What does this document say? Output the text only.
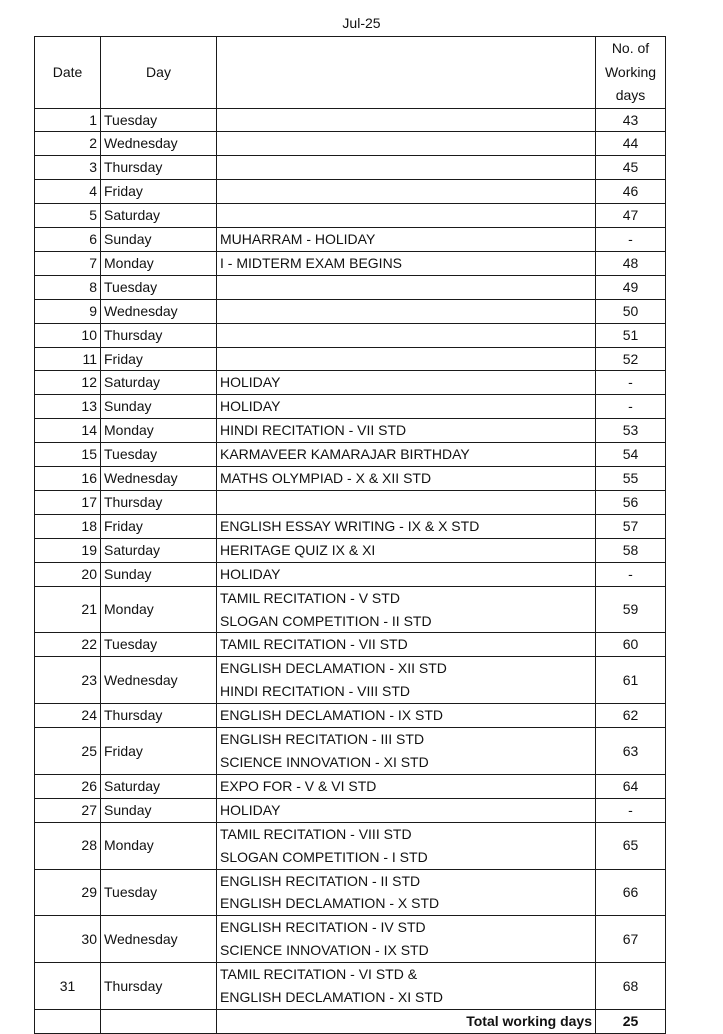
Jul-25
Date	Day		No. of
Working
days
1	Tuesday		43
2	Wednesday		44
3	Thursday		45
4	Friday		46
5	Saturday		47
6	Sunday	MUHARRAM - HOLIDAY	-
7	Monday	I - MIDTERM EXAM BEGINS	48
8	Tuesday		49
9	Wednesday		50
10	Thursday		51
11	Friday		52
12	Saturday	HOLIDAY	-
13	Sunday	HOLIDAY	-
14	Monday	HINDI RECITATION - VII STD	53
15	Tuesday	KARMAVEER KAMARAJAR BIRTHDAY	54
16	Wednesday	MATHS OLYMPIAD - X & XII STD	55
17	Thursday		56
18	Friday	ENGLISH ESSAY WRITING - IX & X STD	57
19	Saturday	HERITAGE QUIZ IX & XI	58
20	Sunday	HOLIDAY	-
21	Monday	TAMIL RECITATION - V STD
SLOGAN COMPETITION - II STD	59
22	Tuesday	TAMIL RECITATION - VII STD	60
23	Wednesday	ENGLISH DECLAMATION - XII STD
HINDI RECITATION - VIII STD	61
24	Thursday	ENGLISH DECLAMATION - IX STD	62
25	Friday	ENGLISH RECITATION - III STD
SCIENCE INNOVATION - XI STD	63
26	Saturday	EXPO FOR - V & VI STD	64
27	Sunday	HOLIDAY	-
28	Monday	TAMIL RECITATION - VIII STD
SLOGAN COMPETITION - I STD	65
29	Tuesday	ENGLISH RECITATION - II STD
ENGLISH DECLAMATION - X STD	66
30	Wednesday	ENGLISH RECITATION - IV STD
SCIENCE INNOVATION - IX STD	67
31	Thursday	TAMIL RECITATION - VI STD &
ENGLISH DECLAMATION - XI STD	68
		Total working days	25
